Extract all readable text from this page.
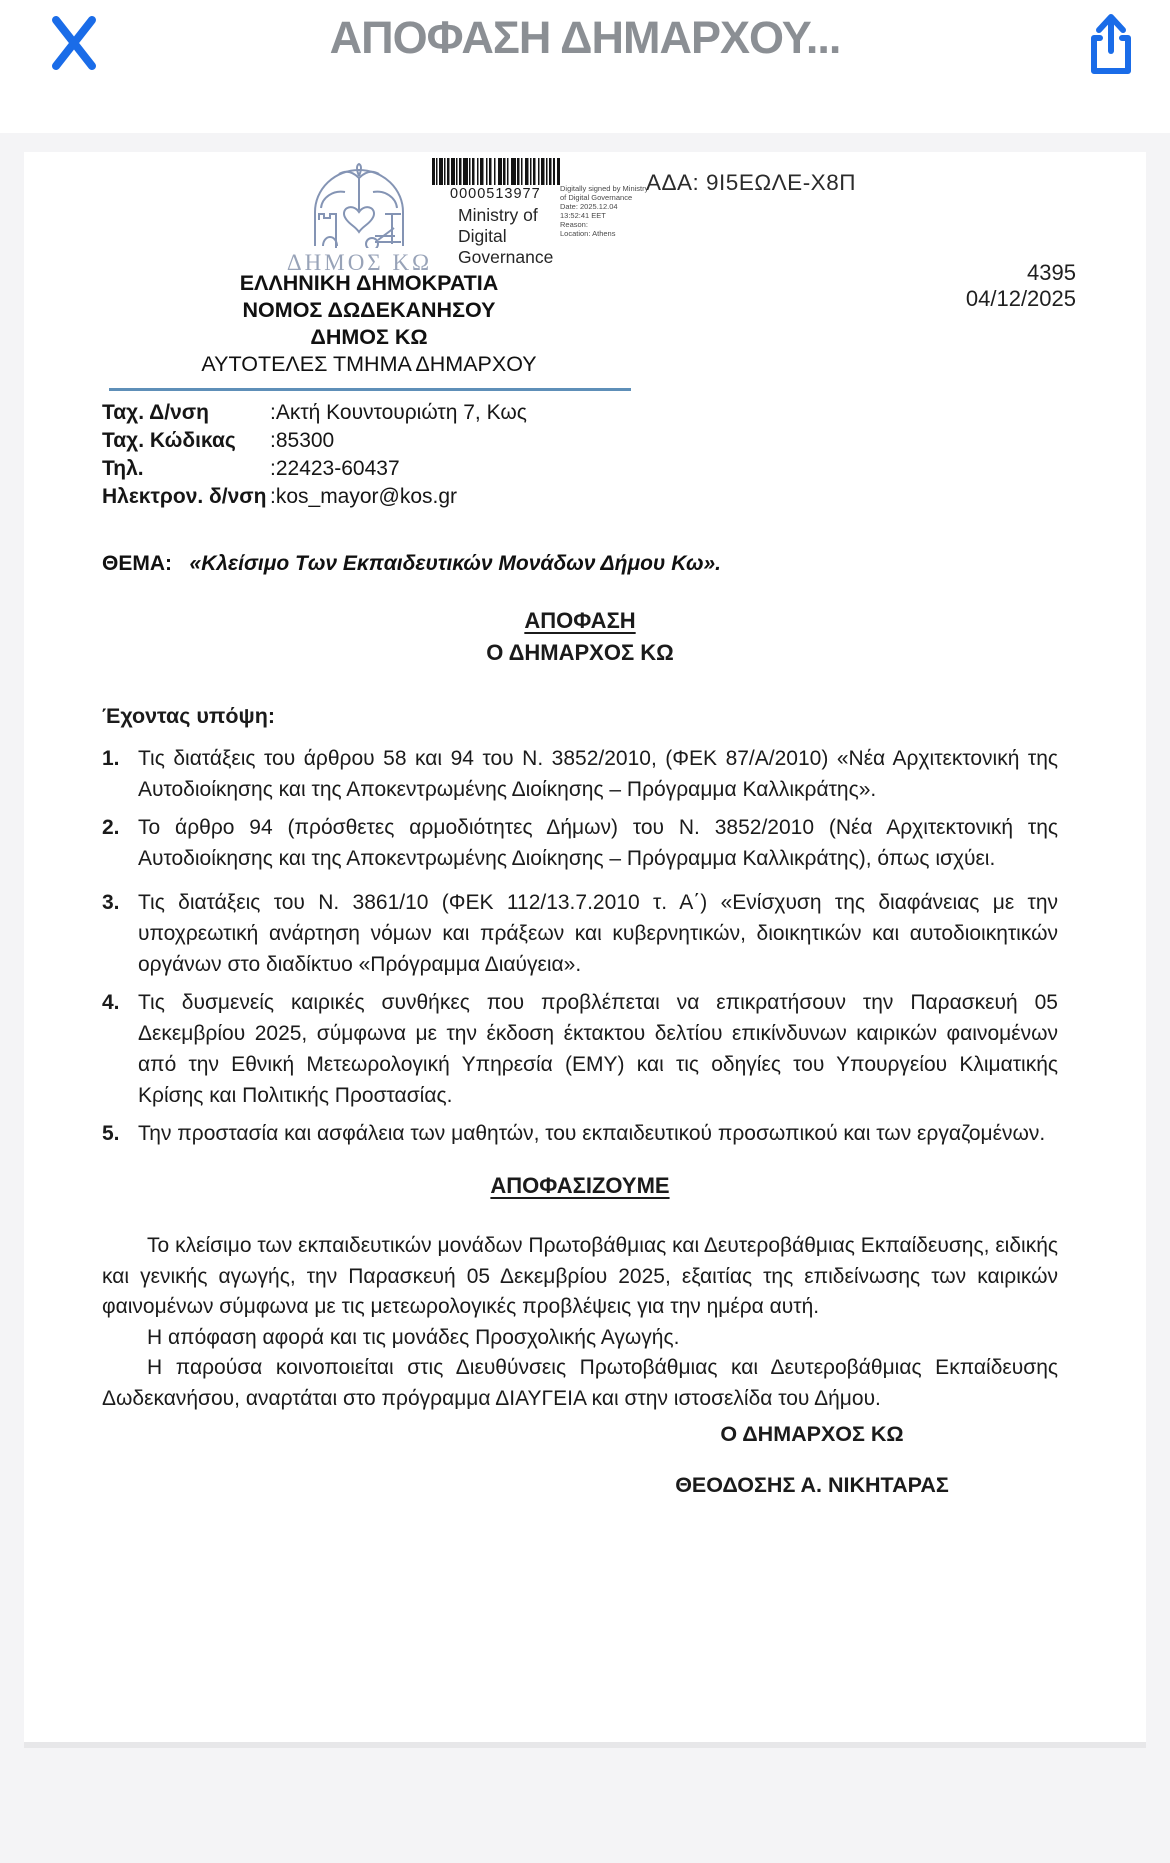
ΑΠΟΦΑΣΗ ΔΗΜΑΡΧΟΥ...
ΔΗΜΟΣ ΚΩ
0000513977
Ministry of Digital Governance
Digitally signed by Ministry
of Digital Governance
Date: 2025.12.04
13:52:41 EET
Reason:
Location: Athens
ΑΔΑ: 9Ι5ΕΩΛΕ-Χ8Π
4395
04/12/2025
ΕΛΛΗΝΙΚΗ ΔΗΜΟΚΡΑΤΙΑ
ΝΟΜΟΣ ΔΩΔΕΚΑΝΗΣΟΥ
ΔΗΜΟΣ ΚΩ
ΑΥΤΟΤΕΛΕΣ ΤΜΗΜΑ ΔΗΜΑΡΧΟΥ
Ταχ. Δ/νση	:Ακτή Κουντουριώτη 7, Κως
Ταχ. Κώδικας	:85300
Τηλ.	:22423-60437
Ηλεκτρον. δ/νση :kos_mayor@kos.gr
ΘΕΜΑ: «Κλείσιμο Των Εκπαιδευτικών Μονάδων Δήμου Κω».

ΑΠΟΦΑΣΗ

Ο ΔΗΜΑΡΧΟΣ ΚΩ

Έχοντας υπόψη:

1. Τις διατάξεις του άρθρου 58 και 94 του Ν. 3852/2010, (ΦΕΚ 87/Α/2010) «Νέα Αρχιτεκτονική της Αυτοδιοίκησης και της Αποκεντρωμένης Διοίκησης – Πρόγραμμα Καλλικράτης».
2. Το άρθρο 94 (πρόσθετες αρμοδιότητες Δήμων) του Ν. 3852/2010 (Νέα Αρχιτεκτονική της Αυτοδιοίκησης και της Αποκεντρωμένης Διοίκησης – Πρόγραμμα Καλλικράτης), όπως ισχύει.
3. Τις διατάξεις του Ν. 3861/10 (ΦΕΚ 112/13.7.2010 τ. Α΄) «Ενίσχυση της διαφάνειας με την υποχρεωτική ανάρτηση νόμων και πράξεων και κυβερνητικών, διοικητικών και αυτοδιοικητικών οργάνων στο διαδίκτυο «Πρόγραμμα Διαύγεια».
4. Τις δυσμενείς καιρικές συνθήκες που προβλέπεται να επικρατήσουν την Παρασκευή 05 Δεκεμβρίου 2025, σύμφωνα με την έκδοση έκτακτου δελτίου επικίνδυνων καιρικών φαινομένων από την Εθνική Μετεωρολογική Υπηρεσία (ΕΜΥ) και τις οδηγίες του Υπουργείου Κλιματικής Κρίσης και Πολιτικής Προστασίας.
5. Την προστασία και ασφάλεια των μαθητών, του εκπαιδευτικού προσωπικού και των εργαζομένων.

ΑΠΟΦΑΣΙΖΟΥΜΕ

Το κλείσιμο των εκπαιδευτικών μονάδων Πρωτοβάθμιας και Δευτεροβάθμιας Εκπαίδευσης, ειδικής και γενικής αγωγής, την Παρασκευή 05 Δεκεμβρίου 2025, εξαιτίας της επιδείνωσης των καιρικών φαινομένων σύμφωνα με τις μετεωρολογικές προβλέψεις για την ημέρα αυτή.

Η απόφαση αφορά και τις μονάδες Προσχολικής Αγωγής.

Η παρούσα κοινοποιείται στις Διευθύνσεις Πρωτοβάθμιας και Δευτεροβάθμιας Εκπαίδευσης Δωδεκανήσου, αναρτάται στο πρόγραμμα ΔΙΑΥΓΕΙΑ και στην ιστοσελίδα του Δήμου.

Ο ΔΗΜΑΡΧΟΣ ΚΩ

ΘΕΟΔΟΣΗΣ Α. ΝΙΚΗΤΑΡΑΣ
